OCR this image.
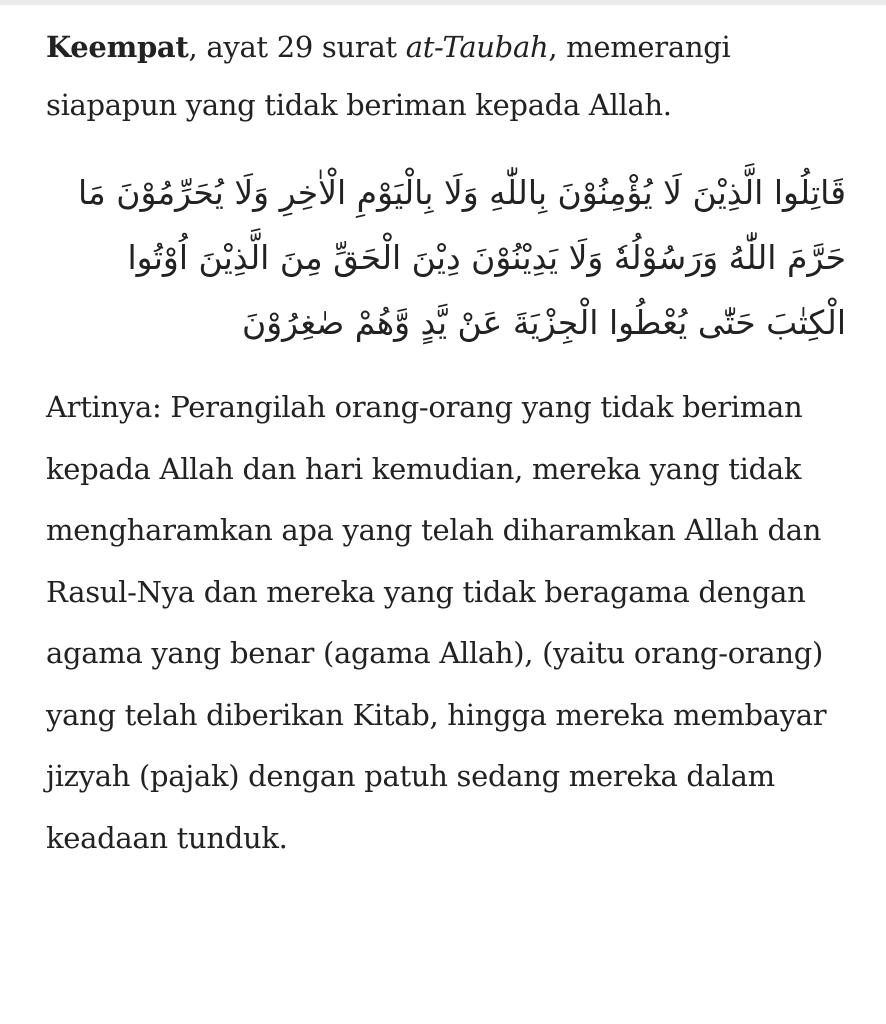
Keempat, ayat 29 surat at-Taubah, memerangi siapapun yang tidak beriman kepada Allah.

قَاتِلُوا الَّذِيْنَ لَا يُؤْمِنُوْنَ بِاللّٰهِ وَلَا بِالْيَوْمِ الْاٰخِرِ وَلَا يُحَرِّمُوْنَ مَا حَرَّمَ اللّٰهُ وَرَسُوْلُهٗ وَلَا يَدِيْنُوْنَ دِيْنَ الْحَقِّ مِنَ الَّذِيْنَ اُوْتُوا الْكِتٰبَ حَتّٰى يُعْطُوا الْجِزْيَةَ عَنْ يَّدٍ وَّهُمْ صٰغِرُوْنَ

Artinya: Perangilah orang-orang yang tidak beriman kepada Allah dan hari kemudian, mereka yang tidak mengharamkan apa yang telah diharamkan Allah dan Rasul-Nya dan mereka yang tidak beragama dengan agama yang benar (agama Allah), (yaitu orang-orang) yang telah diberikan Kitab, hingga mereka membayar jizyah (pajak) dengan patuh sedang mereka dalam keadaan tunduk.
